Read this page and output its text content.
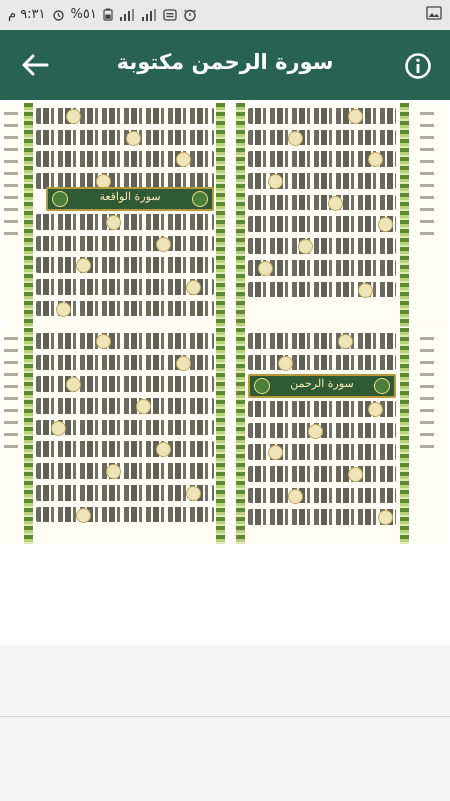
٩:٣١ م %٥١
سورة الرحمن مكتوبة
سورة الواقعة
سورة الرحمن
